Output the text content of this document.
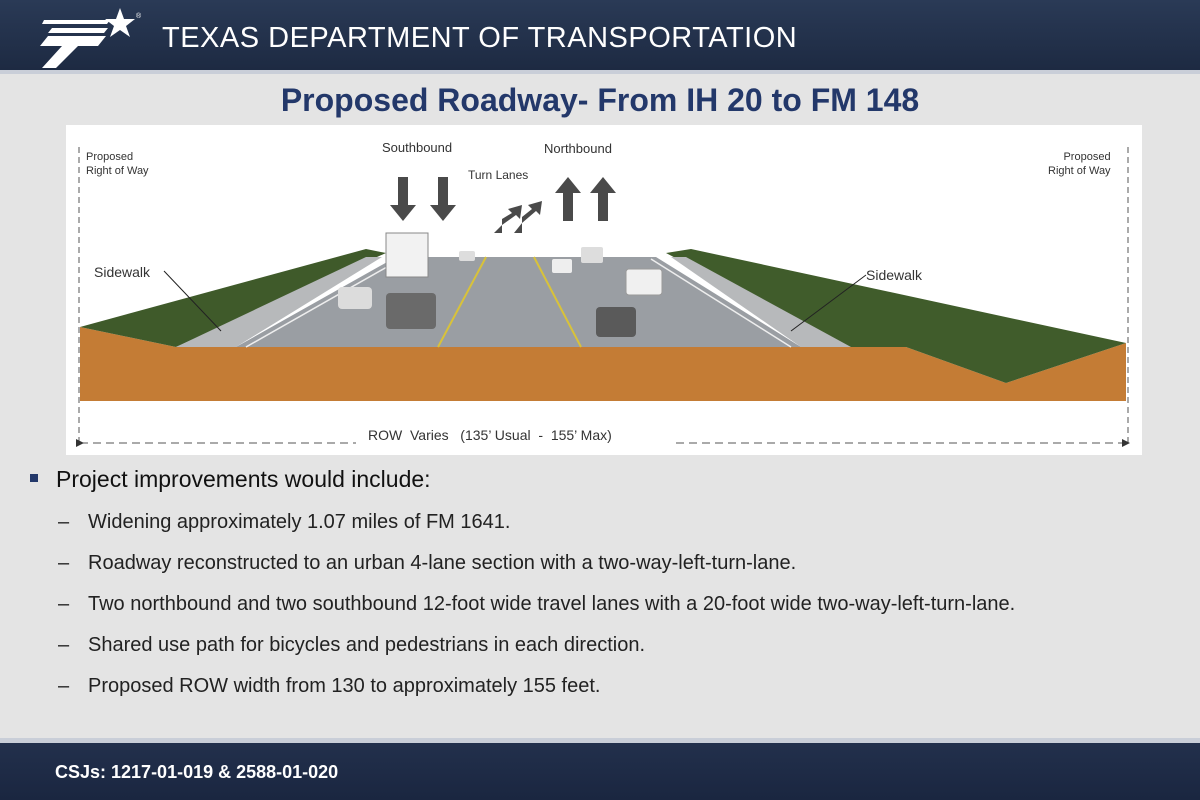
®
TEXAS DEPARTMENT OF TRANSPORTATION
Proposed Roadway- From IH 20 to FM 148
Proposed
Right of Way
Proposed
Right of Way
Southbound	Northbound
Turn Lanes
Sidewalk	Sidewalk
ROW  Varies   (135’ Usual  -  155’ Max)
Project improvements would include:
– Widening approximately 1.07 miles of FM 1641.
– Roadway reconstructed to an urban 4-lane section with a two-way-left-turn-lane.
– Two northbound and two southbound 12-foot wide travel lanes with a 20-foot wide two-way-left-turn-lane.
– Shared use path for bicycles and pedestrians in each direction.
– Proposed ROW width from 130 to approximately 155 feet.
CSJs: 1217-01-019 & 2588-01-020
